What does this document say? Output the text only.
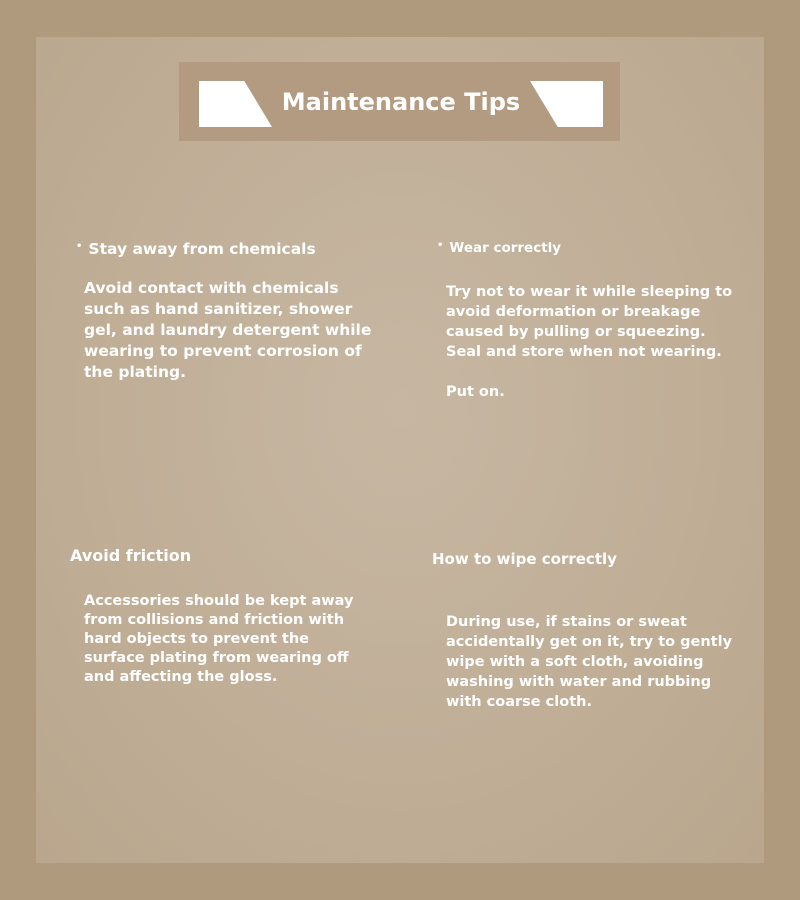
Maintenance Tips
• Stay away from chemicals

Avoid contact with chemicals such as hand sanitizer, shower gel, and laundry detergent while wearing to prevent corrosion of the plating.

• Wear correctly

Try not to wear it while sleeping to avoid deformation or breakage caused by pulling or squeezing. Seal and store when not wearing.

Put on.

Avoid friction

Accessories should be kept away from collisions and friction with hard objects to prevent the surface plating from wearing off and affecting the gloss.

How to wipe correctly

During use, if stains or sweat accidentally get on it, try to gently wipe with a soft cloth, avoiding washing with water and rubbing with coarse cloth.
